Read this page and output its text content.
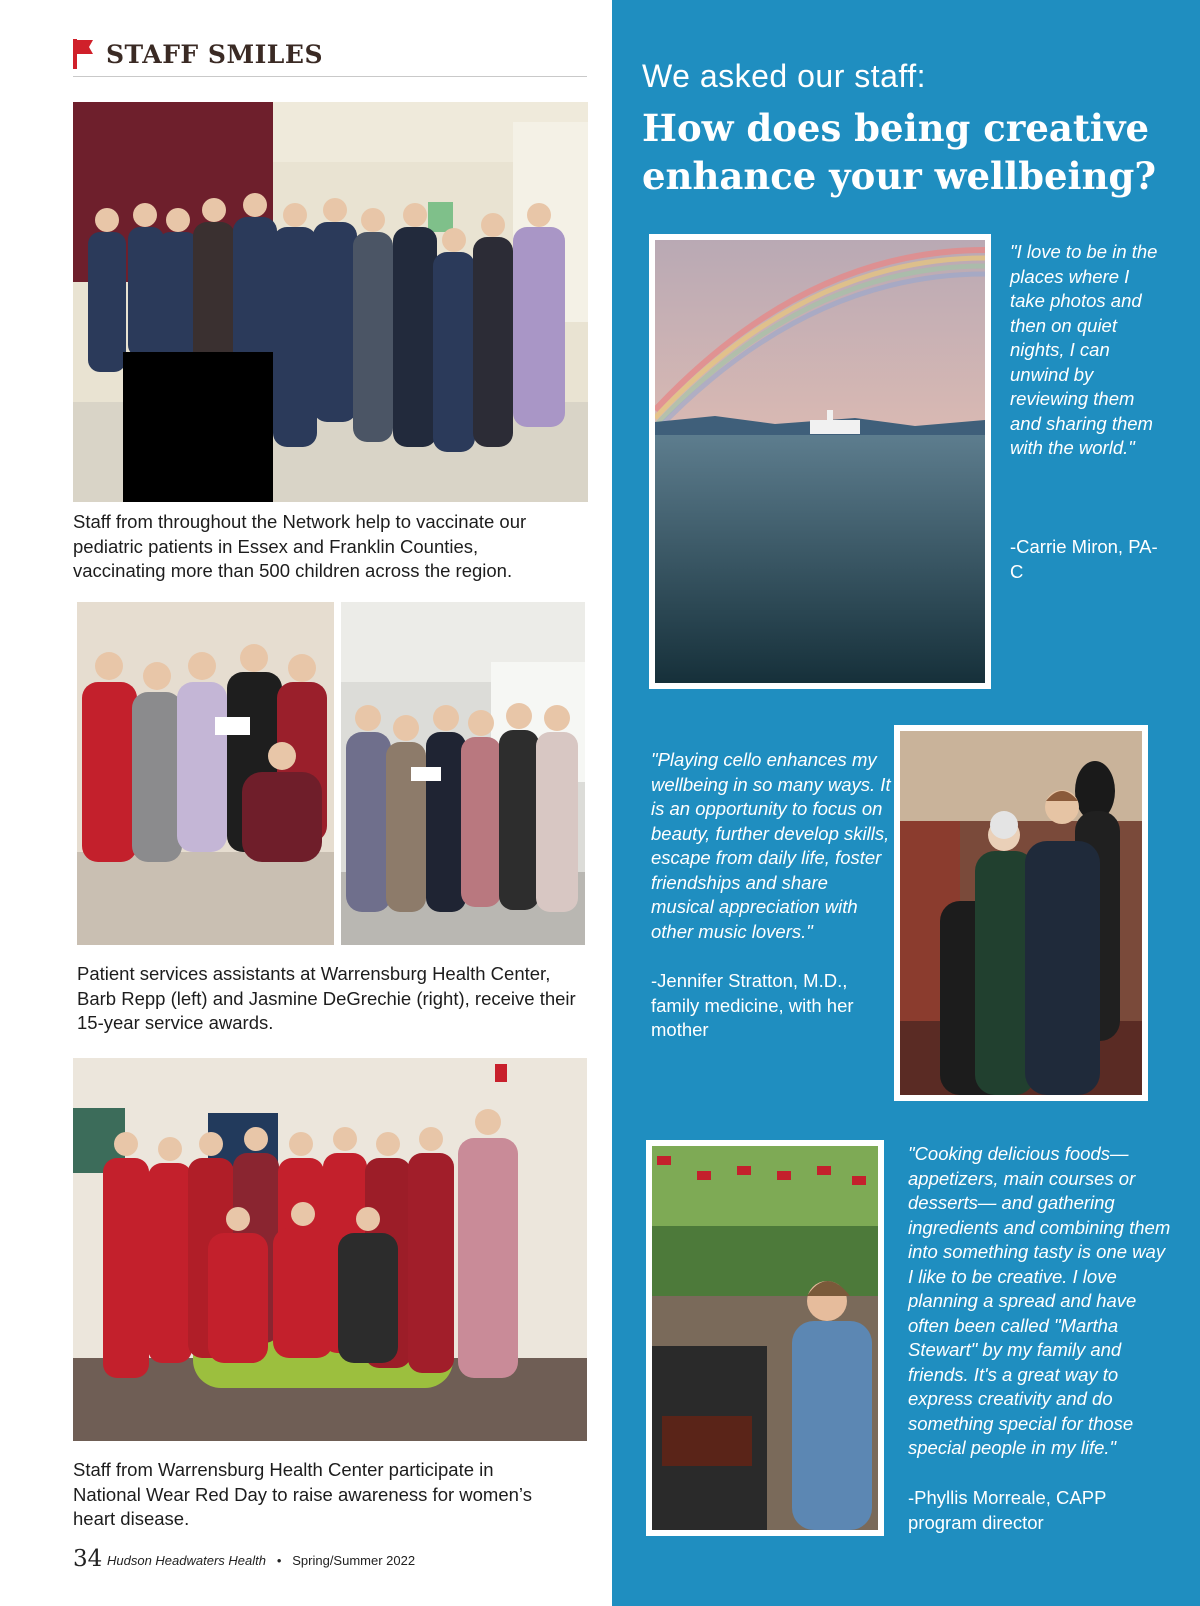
STAFF SMILES
Staff from throughout the Network help to vaccinate our pediatric patients in Essex and Franklin Counties, vaccinating more than 500 children across the region.
Patient services assistants at Warrensburg Health Center, Barb Repp (left) and Jasmine DeGrechie (right), receive their 15-year service awards.
Staff from Warrensburg Health Center participate in National Wear Red Day to raise awareness for women’s heart disease.
34 Hudson Headwaters Health • Spring/Summer 2022
We asked our staff:
How does being creative enhance your wellbeing?
"I love to be in the places where I take photos and then on quiet nights, I can unwind by reviewing them and sharing them with the world."
-Carrie Miron, PA-C
"Playing cello enhances my wellbeing in so many ways. It is an opportunity to focus on beauty, further develop skills, escape from daily life, foster friendships and share musical appreciation with other music lovers."
-Jennifer Stratton, M.D., family medicine, with her mother
"Cooking delicious foods— appetizers, main courses or desserts— and gathering ingredients and combining them into something tasty is one way I like to be creative. I love planning a spread and have often been called "Martha Stewart" by my family and friends. It's a great way to express creativity and do something special for those special people in my life."
-Phyllis Morreale, CAPP program director
